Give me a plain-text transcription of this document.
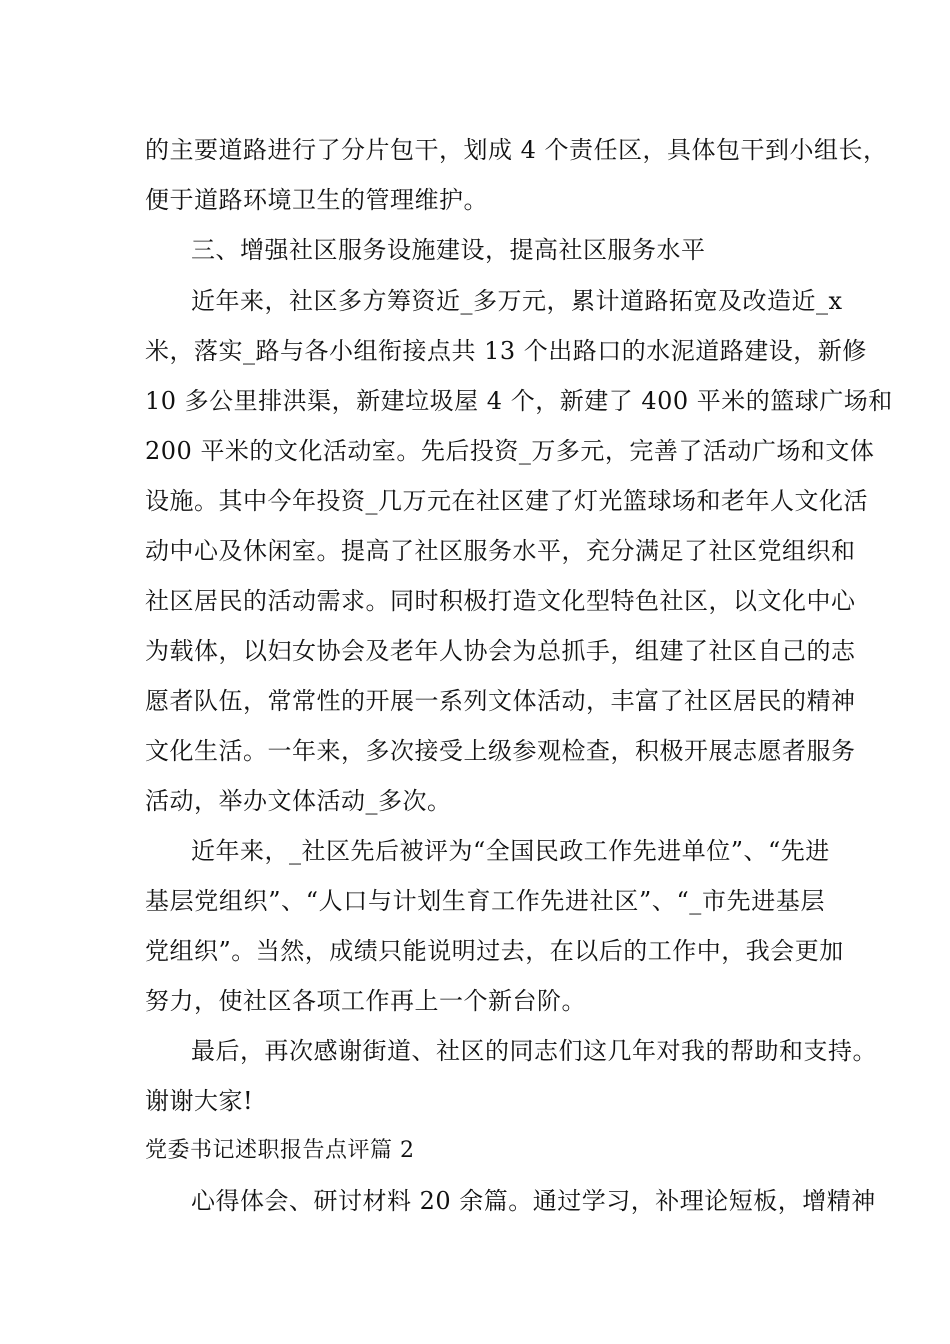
的主要道路进行了分片包干，划成 4 个责任区，具体包干到小组长，
便于道路环境卫生的管理维护。
三、增强社区服务设施建设，提高社区服务水平
近年来，社区多方筹资近_多万元，累计道路拓宽及改造近_x
米，落实_路与各小组衔接点共 13 个出路口的水泥道路建设，新修
10 多公里排洪渠，新建垃圾屋 4 个，新建了 400 平米的篮球广场和
200 平米的文化活动室。先后投资_万多元，完善了活动广场和文体
设施。其中今年投资_几万元在社区建了灯光篮球场和老年人文化活
动中心及休闲室。提高了社区服务水平，充分满足了社区党组织和
社区居民的活动需求。同时积极打造文化型特色社区，以文化中心
为载体，以妇女协会及老年人协会为总抓手，组建了社区自己的志
愿者队伍，常常性的开展一系列文体活动，丰富了社区居民的精神
文化生活。一年来，多次接受上级参观检查，积极开展志愿者服务
活动，举办文体活动_多次。
近年来，_社区先后被评为“全国民政工作先进单位”、“先进
基层党组织”、“人口与计划生育工作先进社区”、“_市先进基层
党组织”。当然，成绩只能说明过去，在以后的工作中，我会更加
努力，使社区各项工作再上一个新台阶。
最后，再次感谢街道、社区的同志们这几年对我的帮助和支持。
谢谢大家!
党委书记述职报告点评篇 2
心得体会、研讨材料 20 余篇。通过学习，补理论短板，增精神
